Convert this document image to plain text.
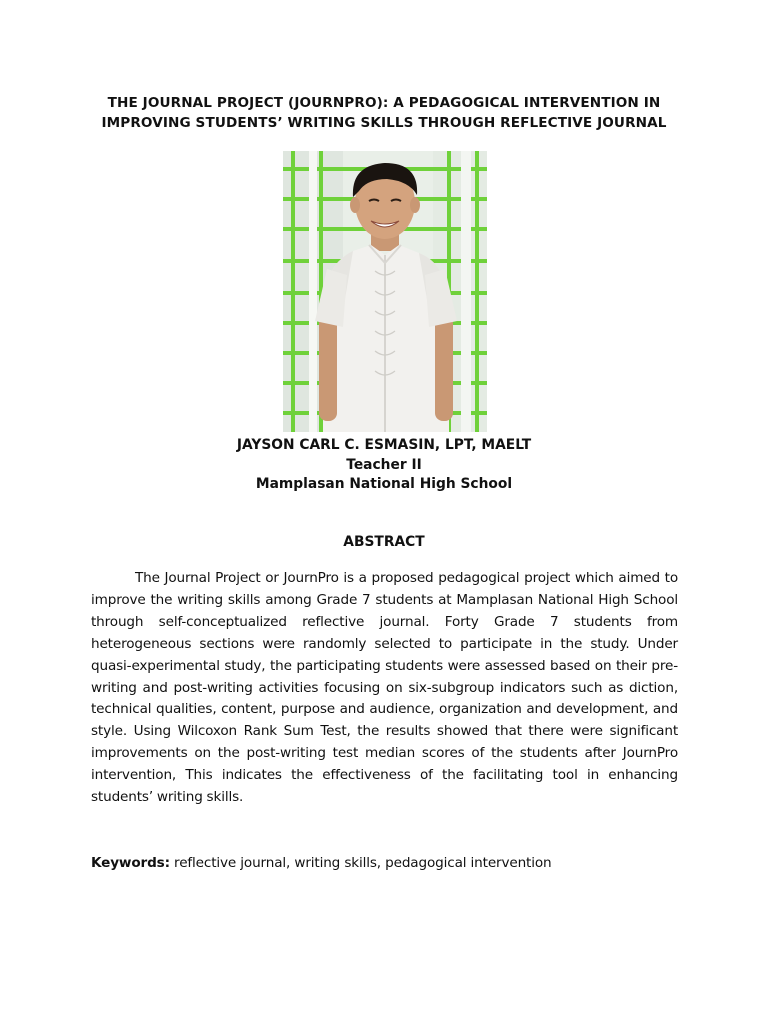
THE JOURNAL PROJECT (JOURNPRO): A PEDAGOGICAL INTERVENTION IN
IMPROVING STUDENTS’ WRITING SKILLS THROUGH REFLECTIVE JOURNAL
JAYSON CARL C. ESMASIN, LPT, MAELT
Teacher II
Mamplasan National High School
ABSTRACT

The Journal Project or JournPro is a proposed pedagogical project which aimed to improve the writing skills among Grade 7 students at Mamplasan National High School through self-conceptualized reflective journal. Forty Grade 7 students from heterogeneous sections were randomly selected to participate in the study. Under quasi-experimental study, the participating students were assessed based on their pre-writing and post-writing activities focusing on six-subgroup indicators such as diction, technical qualities, content, purpose and audience, organization and development, and style. Using Wilcoxon Rank Sum Test, the results showed that there were significant improvements on the post-writing test median scores of the students after JournPro intervention, This indicates the effectiveness of the facilitating tool in enhancing students’ writing skills.

Keywords: reflective journal, writing skills, pedagogical intervention
